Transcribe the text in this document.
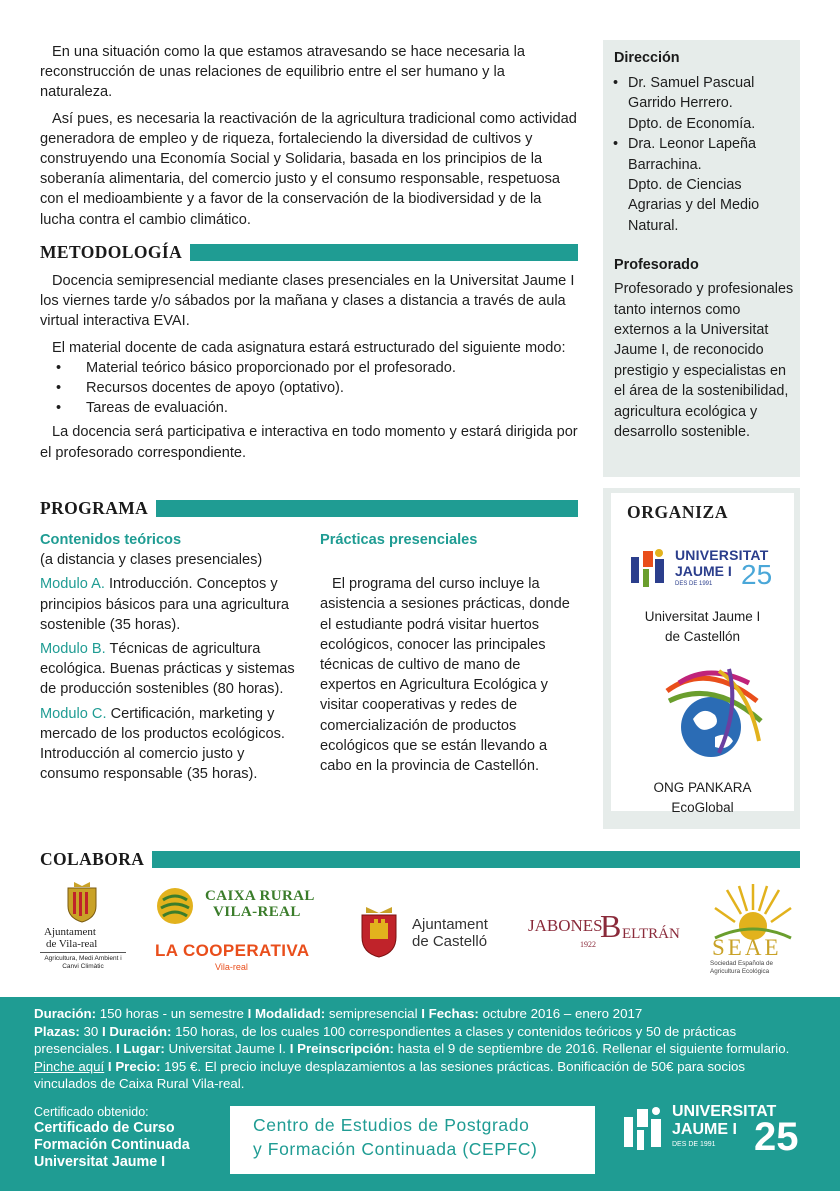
En una situación como la que estamos atravesando se hace necesaria la reconstrucción de unas relaciones de equilibrio entre el ser humano y la naturaleza.

Así pues, es necesaria la reactivación de la agricultura tradicional como actividad generadora de empleo y de riqueza, fortaleciendo la diversidad de cultivos y construyendo una Economía Social y Solidaria, basada en los principios de la soberanía alimentaria, del comercio justo y el consumo responsable, respetuosa con el medioambiente y a favor de la conservación de la biodiversidad y de la lucha contra el cambio climático.

METODOLOGÍA

Docencia semipresencial mediante clases presenciales en la Universitat Jaume I los viernes tarde y/o sábados por la mañana y clases a distancia a través de aula virtual interactiva EVAI.

El material docente de cada asignatura estará estructurado del siguiente modo:

• Material teórico básico proporcionado por el profesorado.
• Recursos docentes de apoyo (optativo).
• Tareas de evaluación.

La docencia será participativa e interactiva en todo momento y estará dirigida por el profesorado correspondiente.

PROGRAMA

Contenidos teóricos

(a distancia y clases presenciales)

Modulo A. Introducción. Conceptos y principios básicos para una agricultura sostenible (35 horas).

Modulo B. Técnicas de agricultura ecológica. Buenas prácticas y sistemas de producción sostenibles (80 horas).

Modulo C. Certificación, marketing y mercado de los productos ecológicos. Introducción al comercio justo y consumo responsable (35 horas).

Prácticas presenciales

El programa del curso incluye la asistencia a sesiones prácticas, donde el estudiante podrá visitar huertos ecológicos, conocer las principales técnicas de cultivo de mano de expertos en Agricultura Ecológica y visitar cooperativas y redes de comercialización de productos ecológicos que se están llevando a cabo en la provincia de Castellón.

Dirección
• Dr. Samuel Pascual Garrido Herrero.
Dpto. de Economía.
• Dra. Leonor Lapeña Barrachina.
Dpto. de Ciencias Agrarias y del Medio Natural.
Profesorado

Profesorado y profesionales tanto internos como externos a la Universitat Jaume I, de reconocido prestigio y especialistas en el área de la sostenibilidad, agricultura ecológica y desarrollo sostenible.

ORGANIZA
UNIVERSITAT
JAUME I
DES DE 1991 25
Universitat Jaume I
de Castellón
ONG PANKARA
EcoGlobal
COLABORA
Ajuntament
de Vila-real
Agricultura, Medi Ambient i Canvi Climàtic
CAIXA RURAL
VILA-REAL
LA COOPERATIVA
Vila-real
Ajuntament
de Castelló
JABONES
B ELTRÁN
1922	SEAE
Sociedad Española de Agricultura Ecológica

Duración: 150 horas - un semestre I Modalidad: semipresencial I Fechas: octubre 2016 – enero 2017

Plazas: 30 I Duración: 150 horas, de los cuales 100 correspondientes a clases y contenidos teóricos y 50 de prácticas presenciales. I Lugar: Universitat Jaume I. I Preinscripción: hasta el 9 de septiembre de 2016. Rellenar el siguiente formulario. Pinche aquí I Precio: 195 €. El precio incluye desplazamientos a las sesiones prácticas. Bonificación de 50€ para socios vinculados de Caixa Rural Vila-real.

Certificado obtenido:
Certificado de Curso
Formación Continuada
Universitat Jaume I
Centro de Estudios de Postgrado
y Formación Continuada (CEPFC)
UNIVERSITAT
JAUME I
DES DE 1991 25
